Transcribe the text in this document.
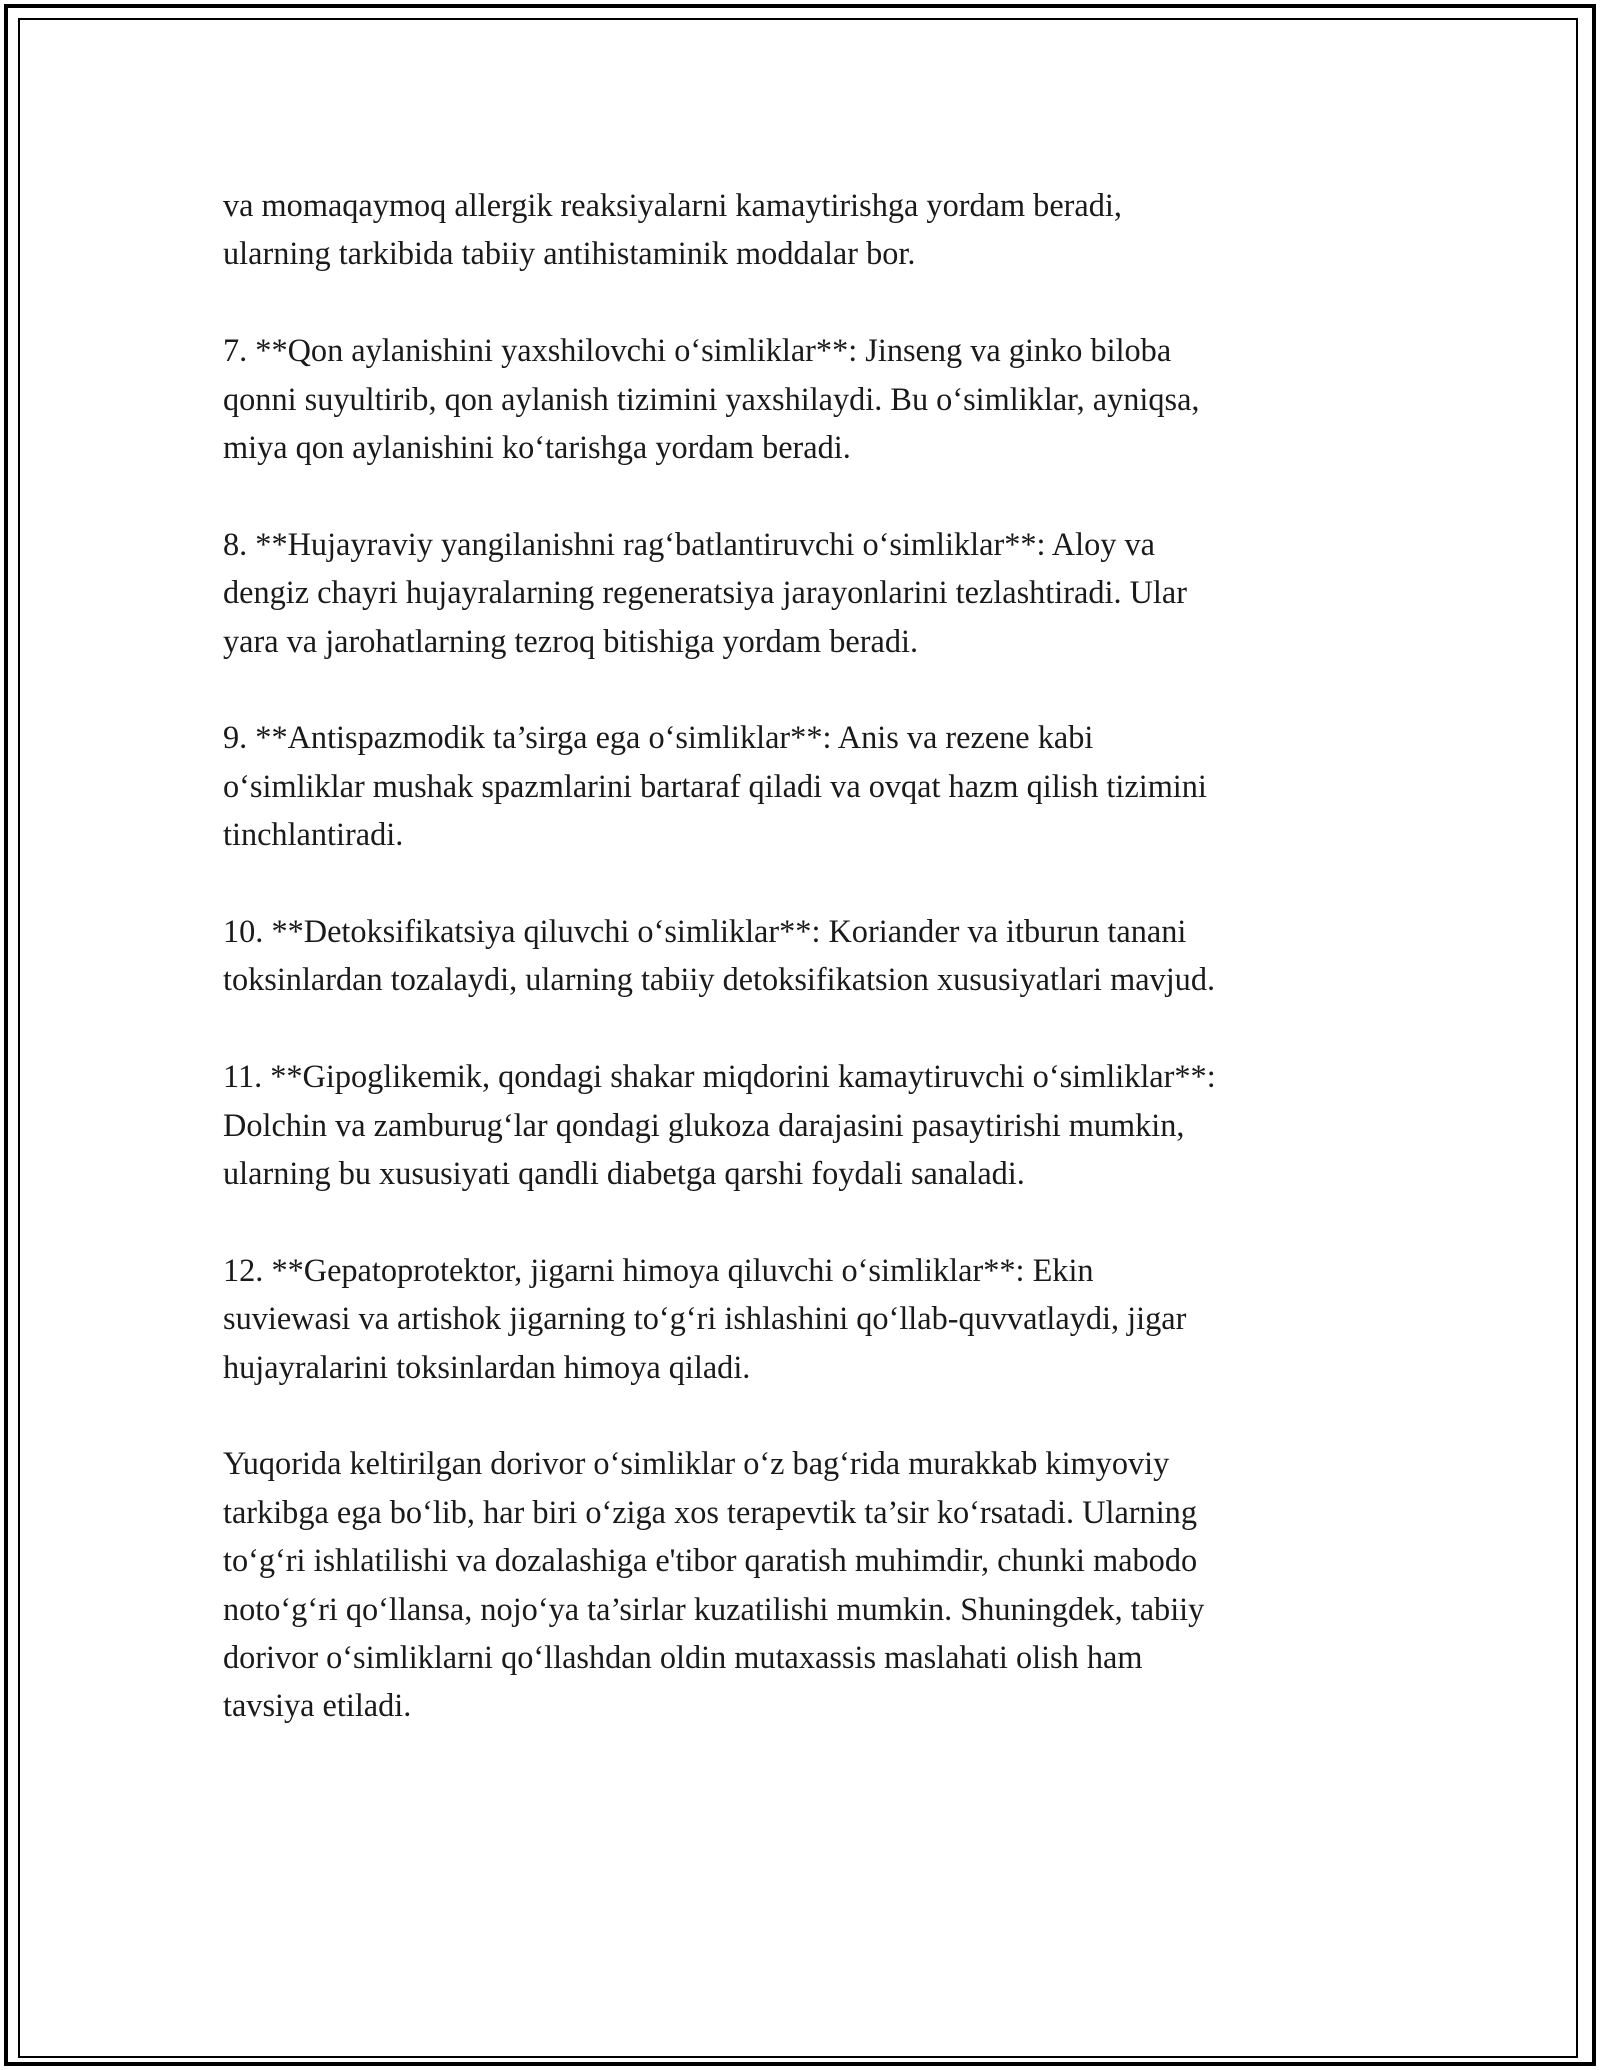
va momaqaymoq allergik reaksiyalarni kamaytirishga yordam beradi,
ularning tarkibida tabiiy antihistaminik moddalar bor.

7. **Qon aylanishini yaxshilovchi o‘simliklar**: Jinseng va ginko biloba
qonni suyultirib, qon aylanish tizimini yaxshilaydi. Bu o‘simliklar, ayniqsa,
miya qon aylanishini ko‘tarishga yordam beradi.

8. **Hujayraviy yangilanishni rag‘batlantiruvchi o‘simliklar**: Aloy va
dengiz chayri hujayralarning regeneratsiya jarayonlarini tezlashtiradi. Ular
yara va jarohatlarning tezroq bitishiga yordam beradi.

9. **Antispazmodik ta’sirga ega o‘simliklar**: Anis va rezene kabi
o‘simliklar mushak spazmlarini bartaraf qiladi va ovqat hazm qilish tizimini
tinchlantiradi.

10. **Detoksifikatsiya qiluvchi o‘simliklar**: Koriander va itburun tanani
toksinlardan tozalaydi, ularning tabiiy detoksifikatsion xususiyatlari mavjud.

11. **Gipoglikemik, qondagi shakar miqdorini kamaytiruvchi o‘simliklar**:
Dolchin va zamburug‘lar qondagi glukoza darajasini pasaytirishi mumkin,
ularning bu xususiyati qandli diabetga qarshi foydali sanaladi.

12. **Gepatoprotektor, jigarni himoya qiluvchi o‘simliklar**: Ekin
suviewasi va artishok jigarning to‘g‘ri ishlashini qo‘llab-quvvatlaydi, jigar
hujayralarini toksinlardan himoya qiladi.

Yuqorida keltirilgan dorivor o‘simliklar o‘z bag‘rida murakkab kimyoviy
tarkibga ega bo‘lib, har biri o‘ziga xos terapevtik ta’sir ko‘rsatadi. Ularning
to‘g‘ri ishlatilishi va dozalashiga e'tibor qaratish muhimdir, chunki mabodo
noto‘g‘ri qo‘llansa, nojo‘ya ta’sirlar kuzatilishi mumkin. Shuningdek, tabiiy
dorivor o‘simliklarni qo‘llashdan oldin mutaxassis maslahati olish ham
tavsiya etiladi.
